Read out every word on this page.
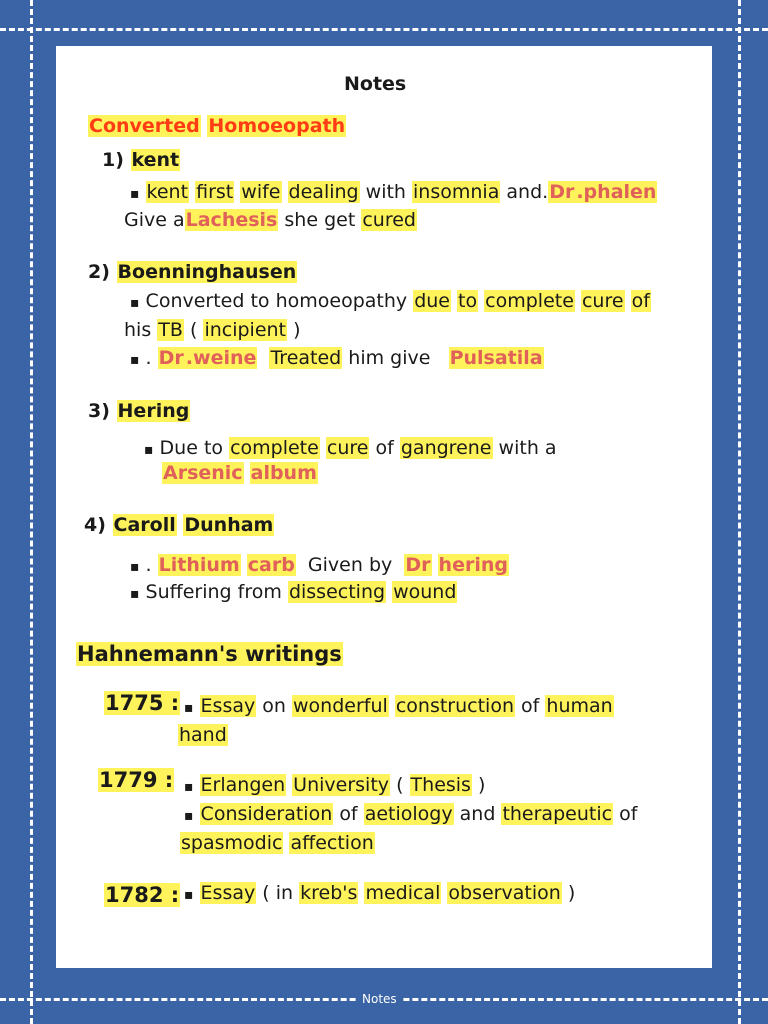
Notes
Converted Homoeopath
1) kent
▪ kent first wife dealing with insomnia and.Dr .phalen
Give aLachesis she get cured
2) Boenninghausen
▪ Converted to homoeopathy due to complete cure of
his TB ( incipient )
▪ . Dr .weine Treated him give Pulsatila
3) Hering
▪ Due to complete cure of gangrene with a
Arsenic album
4) Caroll Dunham
▪ . Lithium carb Given by Dr hering
▪ Suffering from dissecting wound
Hahnemann's writings
1775 : ▪ Essay on wonderful construction of human
hand
1779 : ▪ Erlangen University ( Thesis )
▪ Consideration of aetiology and therapeutic of
spasmodic affection
1782 : ▪ Essay ( in kreb's medical observation )
Notes
